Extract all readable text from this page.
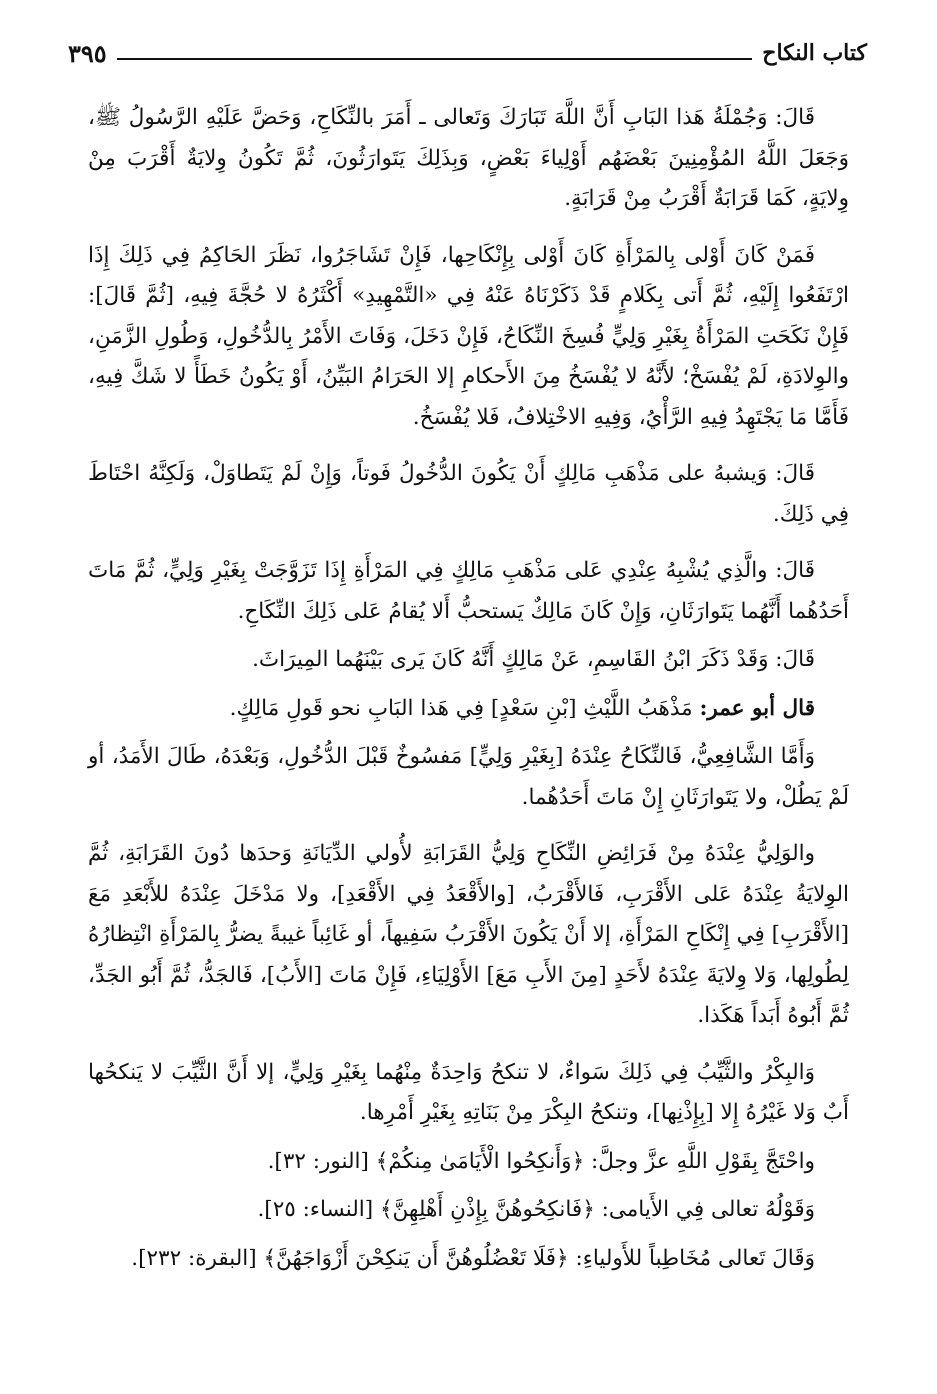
كتاب النكاح
٣٩٥

قَالَ: وَجُمْلَةُ هَذا البَابِ أَنَّ اللَّهَ تَبَارَكَ وَتَعالى ـ أَمَرَ بالنِّكَاحِ، وَحَضَّ عَلَيْهِ الرَّسُولُ ﷺ، وَجَعَلَ اللَّهُ المُؤْمِنِينَ بَعْضَهُم أَوْلِياءَ بَعْضٍ، وَبِذَلِكَ يَتَوارَثُونَ، ثُمَّ تَكُونُ وِلايَةٌ أَقْرَبَ مِنْ وِلايَةٍ، كَمَا قَرَابَةٌ أَقْرَبُ مِنْ قَرَابَةٍ.

فَمَنْ كَانَ أَوْلى بِالمَرْأَةِ كَانَ أَوْلى بِإِنْكَاحِها، فَإِنْ تَشَاجَرُوا، نَظَرَ الحَاكِمُ فِي ذَلِكَ إِذَا ارْتَفَعُوا إِلَيْهِ، ثُمَّ أَتى بِكَلامٍ قَدْ ذَكَرْنَاهُ عَنْهُ فِي «التَّمْهِيدِ» أَكْثَرُهُ لا حُجَّةَ فِيهِ، [ثُمَّ قَالَ]: فَإِنْ نَكَحَتِ المَرْأَةُ بِغَيْرِ وَلِيٍّ فُسِخَ النِّكَاحُ، فَإِنْ دَخَلَ، وَفَاتَ الأَمْرُ بِالدُّخُولِ، وَطُولِ الزَّمَنِ، والوِلادَةِ، لَمْ يُفْسَخْ؛ لأَنَّهُ لا يُفْسَخُ مِنَ الأَحكامِ إلا الحَرَامُ البَيِّنُ، أَوْ يَكُونُ خَطَأً لا شَكَّ فِيهِ، فَأَمَّا مَا يَجْتَهِدُ فِيهِ الرَّأْيُ، وَفِيهِ الاخْتِلافُ، فَلا يُفْسَخُ.

قَالَ: وَيشبهُ على مَذْهَبِ مَالِكٍ أَنْ يَكُونَ الدُّخُولُ فَوتاً، وَإِنْ لَمْ يَتَطاوَلْ، وَلَكِنَّهُ احْتَاطَ فِي ذَلِكَ.

قَالَ: والَّذِي يُشْبِهُ عِنْدِي عَلى مَذْهَبِ مَالِكٍ فِي المَرْأَةِ إِذَا تَزَوَّجَتْ بِغَيْرِ وَلِيٍّ، ثُمَّ مَاتَ أَحَدُهُما أَنَّهُما يَتَوارَثَانِ، وَإِنْ كَانَ مَالِكٌ يَستحبُّ أَلا يُقامُ عَلى ذَلِكَ النِّكَاحِ.

قَالَ: وَقَدْ ذَكَرَ ابْنُ القَاسِمِ، عَنْ مَالِكٍ أَنَّهُ كَانَ يَرى بَيْنَهُما المِيرَاثَ.

قال أبو عمر: مَذْهَبُ اللَّيْثِ [بْنِ سَعْدٍ] فِي هَذا البَابِ نحو قَولِ مَالِكٍ.

وَأَمَّا الشَّافِعِيُّ، فَالنِّكَاحُ عِنْدَهُ [بِغَيْرِ وَلِيٍّ] مَفسُوخٌ قَبْلَ الدُّخُولِ، وَبَعْدَهُ، طَالَ الأَمَدُ، أو لَمْ يَطُلْ، ولا يَتَوارَثَانِ إِنْ مَاتَ أَحَدُهُما.

والوَلِيُّ عِنْدَهُ مِنْ فَرَائِضِ النِّكَاحِ وَلِيُّ القَرَابَةِ لأُولي الدِّيَانَةِ وَحدَها دُونَ القَرَابَةِ، ثُمَّ الوِلايَةُ عِنْدَهُ عَلى الأَقْرَبِ، فَالأَقْرَبُ، [والأَقْعَدُ فِي الأَقْعَدِ]، ولا مَدْخَلَ عِنْدَهُ للأَبْعَدِ مَعَ [الأَقْرَبِ] فِي إِنْكَاحِ المَرْأَةِ، إلا أَنْ يَكُونَ الأَقْرَبُ سَفِيهاً، أو غَائِباً غيبةً يضرُّ بِالمَرْأَةِ انْتِظارُهُ لِطُولِها، وَلا وِلايَةَ عِنْدَهُ لأَحَدٍ [مِنَ الأَبِ مَعَ] الأَوْلِيَاءِ، فَإِنْ مَاتَ [الأَبُ]، فَالجَدُّ، ثُمَّ أَبُو الجَدِّ، ثُمَّ أَبُوهُ أَبَداً هَكَذا.

وَالبِكْرُ والثَّيِّبُ فِي ذَلِكَ سَواءٌ، لا تنكحُ وَاحِدَةٌ مِنْهُما بِغَيْرِ وَلِيٍّ، إلا أَنَّ الثَّيِّبَ لا يَنكحُها أَبٌ وَلا غَيْرُهُ إِلا [بِإِذْنِها]، وتنكحُ البِكْرَ مِنْ بَنَاتِهِ بِغَيْرِ أَمْرِها.

واحْتَجَّ بِقَوْلِ اللَّهِ عزَّ وجلَّ: ﴿وَأَنكِحُوا الْأَيَامَىٰ مِنكُمْ﴾ [النور: ٣٢].

وَقَوْلُهُ تعالى فِي الأَيامى: ﴿فَانكِحُوهُنَّ بِإِذْنِ أَهْلِهِنَّ﴾ [النساء: ٢٥].

وَقَالَ تَعالى مُخَاطِباً للأَولياءِ: ﴿فَلَا تَعْضُلُوهُنَّ أَن يَنكِحْنَ أَزْوَاجَهُنَّ﴾ [البقرة: ٢٣٢].
